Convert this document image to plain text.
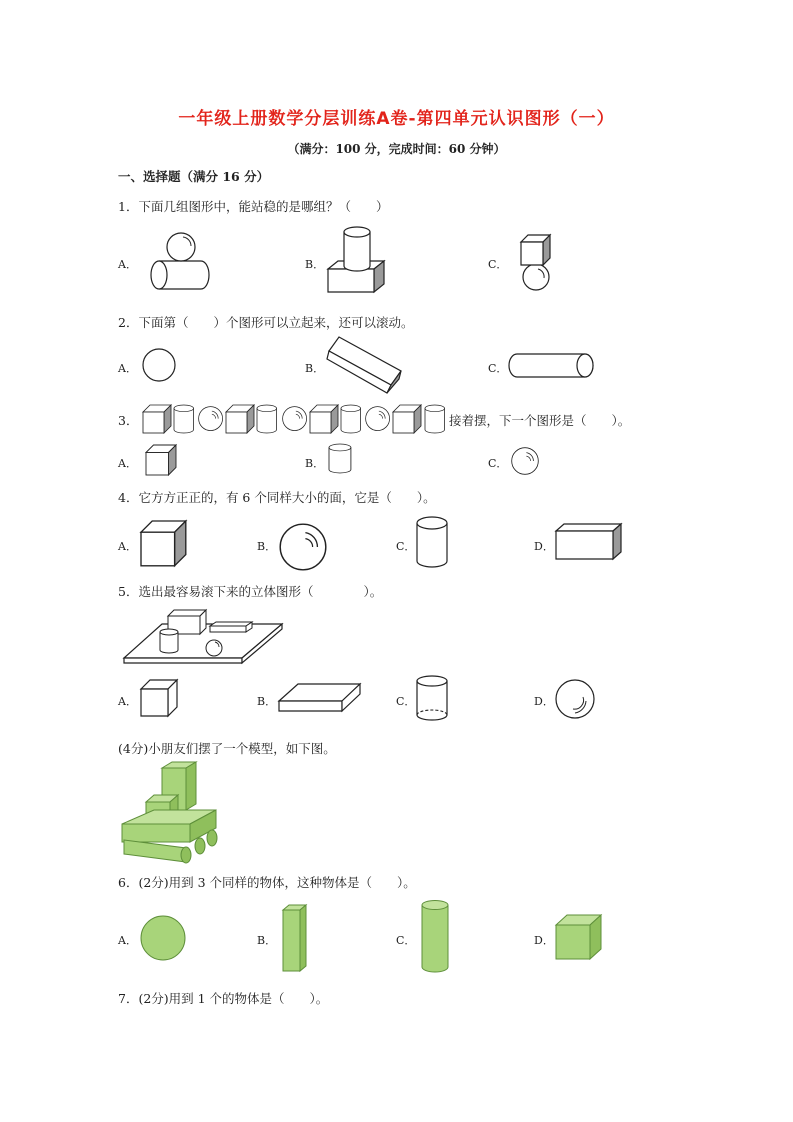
一年级上册数学分层训练A卷-第四单元认识图形（一）
（满分：100 分，完成时间：60 分钟）
一、选择题（满分 16 分）
1．下面几组图形中，能站稳的是哪组？（　　）
A．	B．	C．
2．下面第（　　）个图形可以立起来，还可以滚动。
A．	B．	C．
3．	接着摆，下一个图形是（　　）。
A．	B．	C．
4．它方方正正的，有 6 个同样大小的面，它是（　　）。
A．	B．	C．	D．
5．选出最容易滚下来的立体图形（　　　　）。
A．	B．	C．	D．
(4分)小朋友们摆了一个模型，如下图。
6．(2分)用到 3 个同样的物体，这种物体是（　　）。
A．	B．	C．	D．
7．(2分)用到 1 个的物体是（　　）。
